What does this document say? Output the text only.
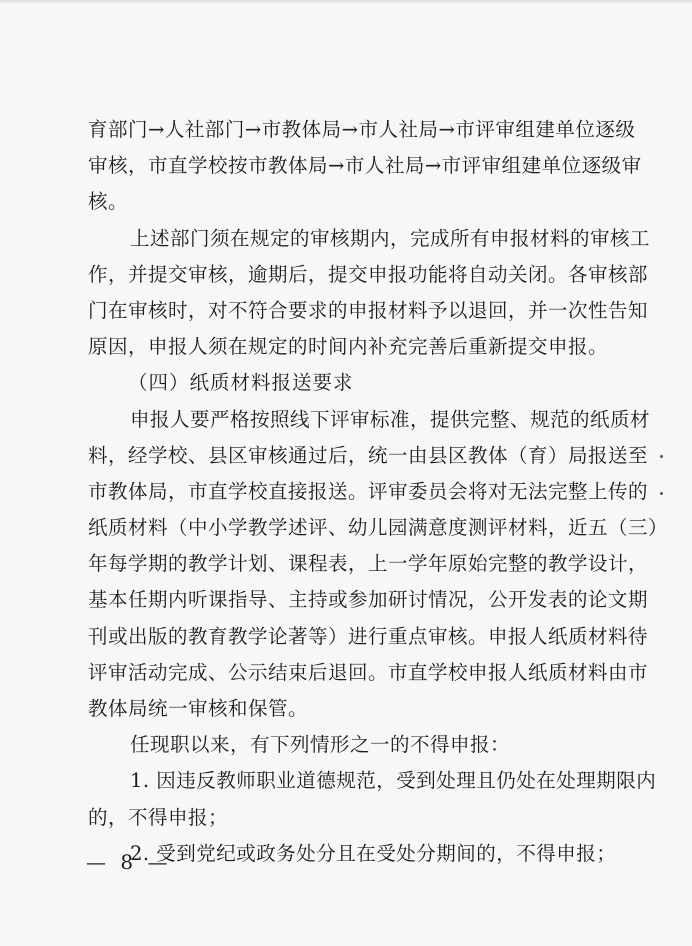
育部门→人社部门→市教体局→市人社局→市评审组建单位逐级
审核，市直学校按市教体局→市人社局→市评审组建单位逐级审
核。
上述部门须在规定的审核期内，完成所有申报材料的审核工
作，并提交审核，逾期后，提交申报功能将自动关闭。各审核部
门在审核时，对不符合要求的申报材料予以退回，并一次性告知
原因，申报人须在规定的时间内补充完善后重新提交申报。
（四）纸质材料报送要求
申报人要严格按照线下评审标准，提供完整、规范的纸质材
料，经学校、县区审核通过后，统一由县区教体（育）局报送至
市教体局，市直学校直接报送。评审委员会将对无法完整上传的
纸质材料（中小学教学述评、幼儿园满意度测评材料，近五（三）
年每学期的教学计划、课程表，上一学年原始完整的教学设计，
基本任期内听课指导、主持或参加研讨情况，公开发表的论文期
刊或出版的教育教学论著等）进行重点审核。申报人纸质材料待
评审活动完成、公示结束后退回。市直学校申报人纸质材料由市
教体局统一审核和保管。
任现职以来，有下列情形之一的不得申报：
1. 因违反教师职业道德规范，受到处理且仍处在处理期限内
的，不得申报；
2. 受到党纪或政务处分且在受处分期间的，不得申报；
— 8 —
